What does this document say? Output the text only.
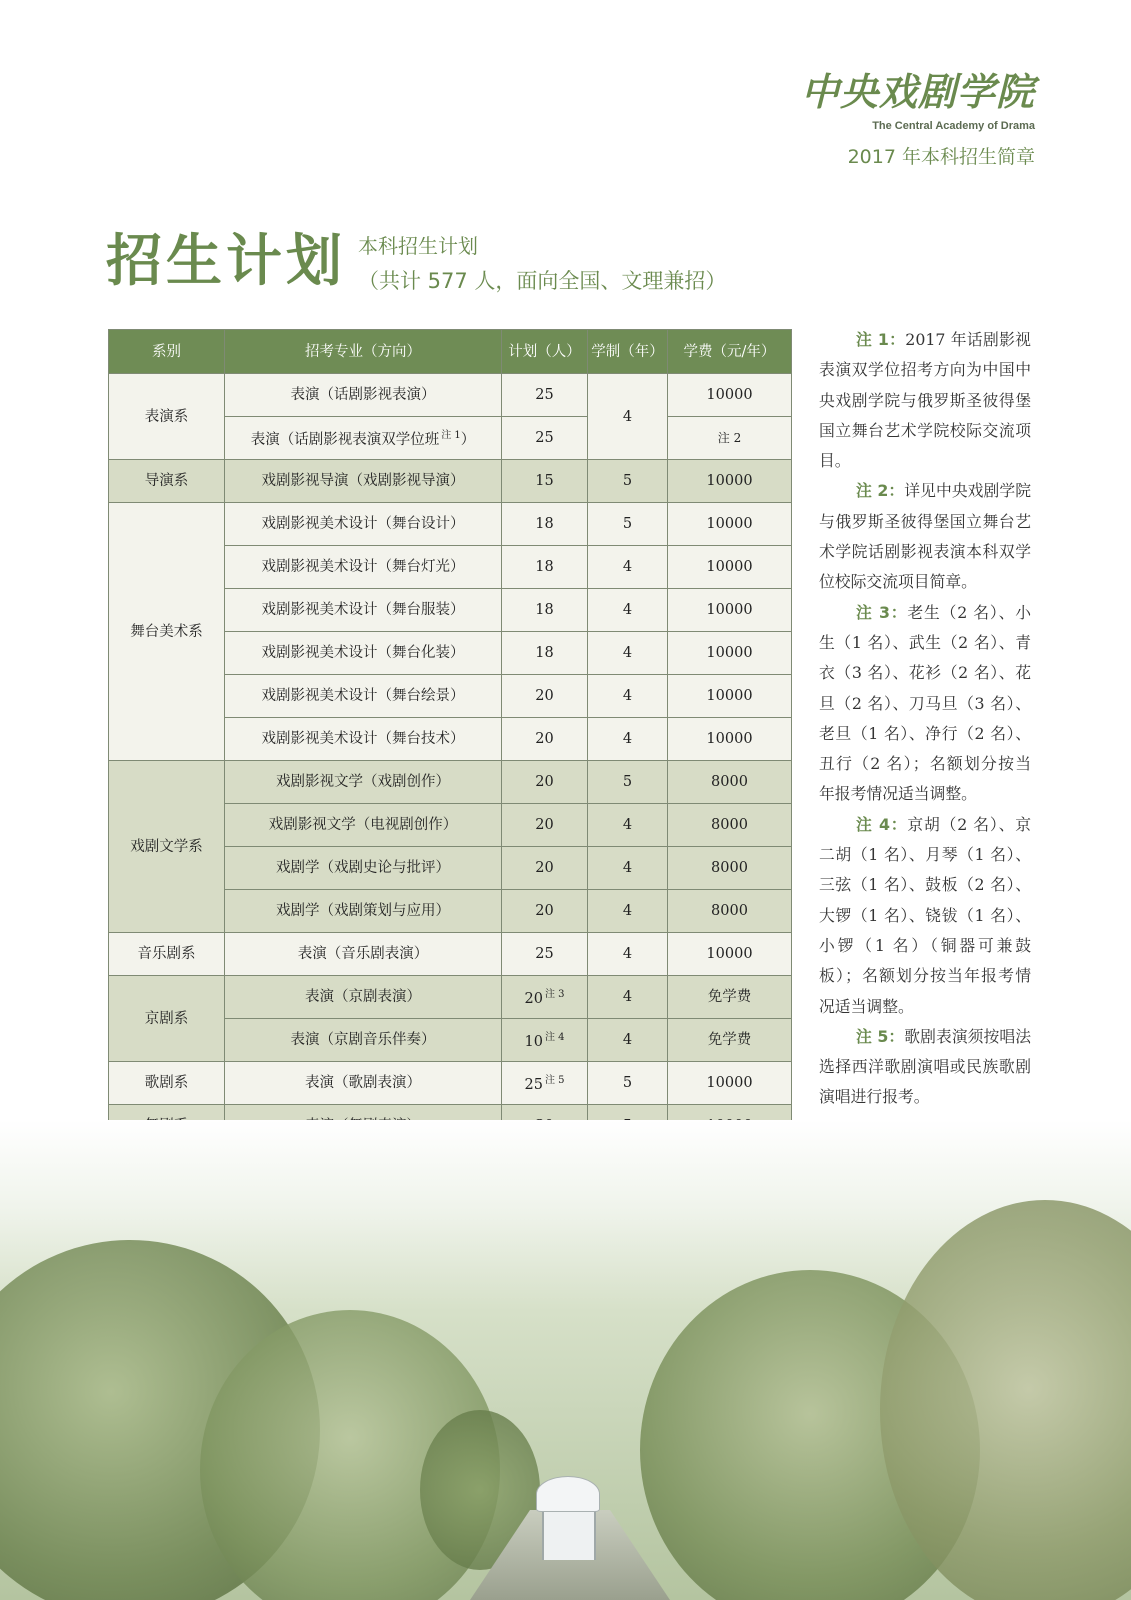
中央戏剧学院
The Central Academy of Drama
2017 年本科招生简章
招生计划 本科招生计划
（共计 577 人，面向全国、文理兼招）
系别	招考专业（方向）	计划（人）	学制（年）	学费（元/年）
表演系	表演（话剧影视表演）	25	4	10000
	表演（话剧影视表演双学位班 $^{注 1}$）	25		注 2
导演系	戏剧影视导演（戏剧影视导演）	15	5	10000
舞台美术系	戏剧影视美术设计（舞台设计）	18	5	10000
	戏剧影视美术设计（舞台灯光）	18	4	10000
	戏剧影视美术设计（舞台服装）	18	4	10000
	戏剧影视美术设计（舞台化装）	18	4	10000
	戏剧影视美术设计（舞台绘景）	20	4	10000
	戏剧影视美术设计（舞台技术）	20	4	10000
戏剧文学系	戏剧影视文学（戏剧创作）	20	5	8000
	戏剧影视文学（电视剧创作）	20	4	8000
	戏剧学（戏剧史论与批评）	20	4	8000
	戏剧学（戏剧策划与应用）	20	4	8000
音乐剧系	表演（音乐剧表演）	25	4	10000
京剧系	表演（京剧表演）	20 $^{注 3}$	4	免学费
	表演（京剧音乐伴奏）	10 $^{注 4}$	4	免学费
歌剧系	表演（歌剧表演）	25 $^{注 5}$	5	10000

注 1：2017 年话剧影视表演双学位招考方向为中国中央戏剧学院与俄罗斯圣彼得堡国立舞台艺术学院校际交流项目。
注 2：详见中央戏剧学院与俄罗斯圣彼得堡国立舞台艺术学院话剧影视表演本科双学位校际交流项目简章。
注 3：老生（2 名）、小生（1 名）、武生（2 名）、青衣（3 名）、花衫（2 名）、花旦（2 名）、刀马旦（3 名）、老旦（1 名）、净行（2 名）、丑行（2 名）；名额划分按当年报考情况适当调整。
注 4：京胡（2 名）、京二胡（1 名）、月琴（1 名）、三弦（1 名）、鼓板（2 名）、大锣（1 名）、铙钹（1 名）、小锣（1 名）（铜器可兼鼓板）；名额划分按当年报考情况适当调整。
注 5：歌剧表演须按唱法选择西洋歌剧演唱或民族歌剧演唱进行报考。
